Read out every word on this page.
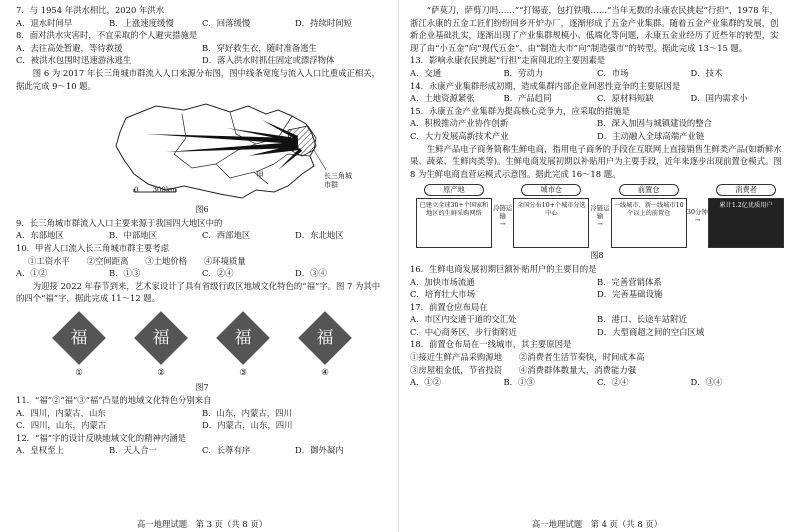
7．与 1954 年洪水相比，2020 年洪水

A．退水时间早	B．上涨速度缓慢	C．回落缓慢	D．持续时间短

8．面对洪水灾害时，不宜采取的个人避灾措施是

A．去往高处暂避，等待救援	B．穿好救生衣，随时准备逃生
C．被洪水包围时迅速游泳逃生	D．落入洪水时抓住固定或漂浮物体

图 6 为 2017 年长三角城市群流入人口来源分布图，图中线条宽度与流入人口比重成正相关，据此完成 9～10 题。

0　　300km
甲	长三角城市群

图6

9．长三角城市群流入人口主要来源于我国四大地区中的

A．东部地区	B．中部地区	C．西部地区	D．东北地区

10．甲省人口流入长三角城市群主要考虑

①工资水平　　②空间距离　　③土地价格　　④环境质量

A．①②	B．①③	C．②④	D．③④

为迎接 2022 年春节到来，艺术家设计了具有省级行政区地域文化特色的“福”字。图 7 为其中的四个“福”字，据此完成 11～12 题。

福
①
福
②
福
③
福
④

图7

11．“福”②“福”③“福”凸显的地域文化特色分别来自

A．四川，内蒙古，山东	B．山东，内蒙古，四川
C．四川，山东，内蒙古	D．内蒙古，山东，四川

12．“福”字的设计反映地域文化的精神内涵是

A．皇权至上	B．天人合一	C．长尊有序	D．御外凝内
高一地理试题　第 3 页（共 8 页）

“萨莫刀，萨剪刀吗……”“打锡壶，包打铁哦……”当年无数的永康农民挑起“行担”，1978 年，浙江永康的五金工匠们纷纷回乡开炉办厂，逐渐形成了五金产业集群。随着五金产业集群的发展，创新企业基础扎实，逐渐出现了产业集群规模小、低端化等问题，永康五金业经历了近些年的转型，实现了由“小五金”向“现代五金”、由“制造大市”向“制造强市”的转型。据此完成 13～15 题。

13．影响永康农民挑起“行担”走南闯北的主要因素是

A．交通	B．劳动力	C．市场	D．技术

14．永康产业集群形成初期，造成集群内部企业间恶性竞争的主要原因是

A．土地资源紧张	B．产品趋同	C．原材料短缺	D．国内需求小

15．永康五金产业集群为提高核心竞争力，应采取的措施是

A．积极推动产业协作创新	B．深入加固与城镇建设的整合
C．大力发展高新技术产业	D．主动融入全球高端产业链

生鲜产品电子商务简称生鲜电商，指用电子商务的手段在互联网上直接销售生鲜类产品(如新鲜水果、蔬菜、生鲜肉类等)。生鲜电商发展初期以补贴用户为主要手段，近年来逐步出现前置仓模式。图 8 为生鲜电商直营运模式示意图。据此完成 16～18 题。

原产地
已建立全球30+个国家和地区的生鲜采购网络
冷链运输
→
城市仓
全国分布10+个城市分选中心
冷链运输
→
前置仓
一线城市、新一线城市10个以上的前置仓	30分钟
→
消费者
累计1.2亿优质用户

图8

16．生鲜电商发展初期巨额补贴用户的主要目的是

A．加快市场流通	B．完善营销体系
C．培育壮大市场	D．完善基础设施

17．前置仓应布局在

A．市区内交通干道的交汇处	B．港口、长途车站附近
C．中心商务区，步行街附近	D．大型商超之间的空白区域

18．前置仓布局在一线城市，其主要原因是

①接近生鲜产品采购源地　　②消费者生活节奏快，时间成本高

③房屋租金低，节省投资　　④消费群体数量大，消费能力强

A．①②	B．①③	C．②④	D．③④
高一地理试题　第 4 页（共 8 页）
